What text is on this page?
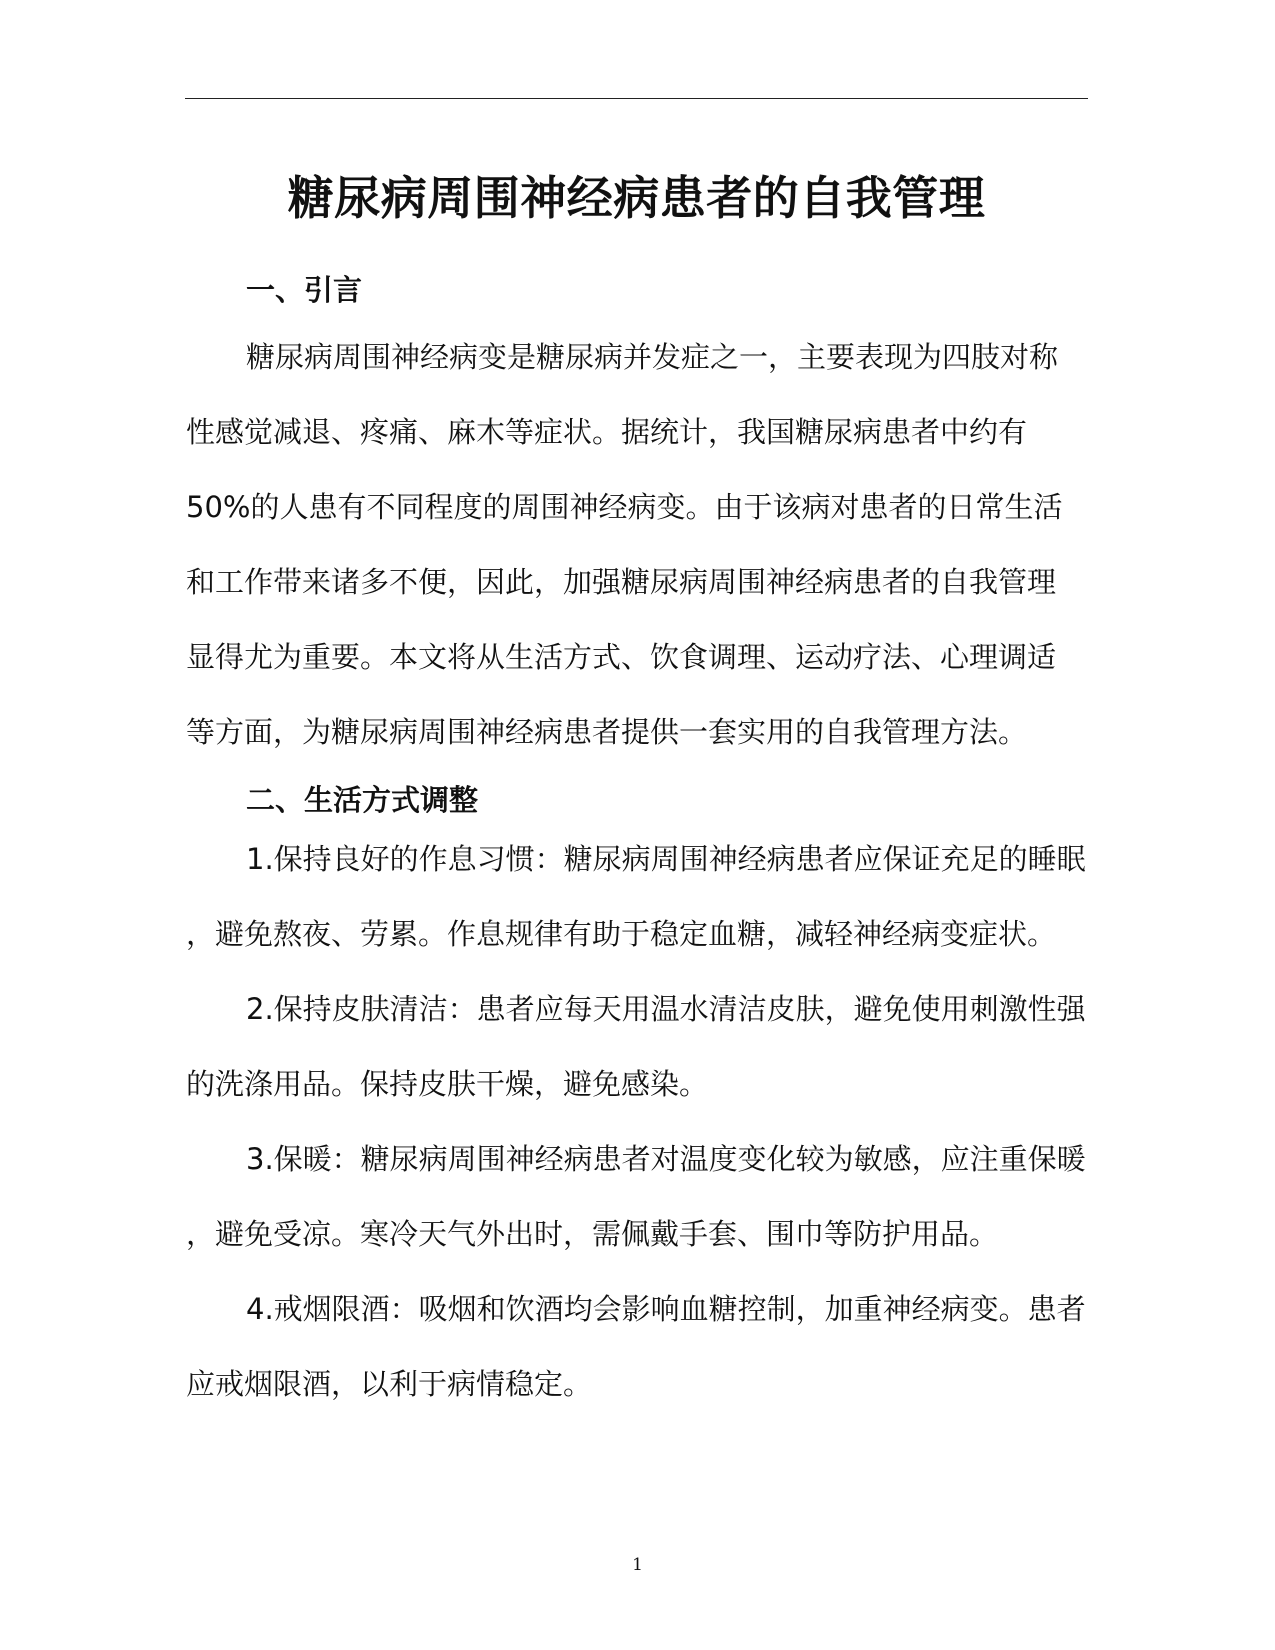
糖尿病周围神经病患者的自我管理
一、引言

糖尿病周围神经病变是糖尿病并发症之一，主要表现为四肢对称
性感觉减退、疼痛、麻木等症状。据统计，我国糖尿病患者中约有
50%的人患有不同程度的周围神经病变。由于该病对患者的日常生活
和工作带来诸多不便，因此，加强糖尿病周围神经病患者的自我管理
显得尤为重要。本文将从生活方式、饮食调理、运动疗法、心理调适
等方面，为糖尿病周围神经病患者提供一套实用的自我管理方法。

二、生活方式调整

1.保持良好的作息习惯：糖尿病周围神经病患者应保证充足的睡眠
，避免熬夜、劳累。作息规律有助于稳定血糖，减轻神经病变症状。

2.保持皮肤清洁：患者应每天用温水清洁皮肤，避免使用刺激性强
的洗涤用品。保持皮肤干燥，避免感染。

3.保暖：糖尿病周围神经病患者对温度变化较为敏感，应注重保暖
，避免受凉。寒冷天气外出时，需佩戴手套、围巾等防护用品。

4.戒烟限酒：吸烟和饮酒均会影响血糖控制，加重神经病变。患者
应戒烟限酒，以利于病情稳定。

1
